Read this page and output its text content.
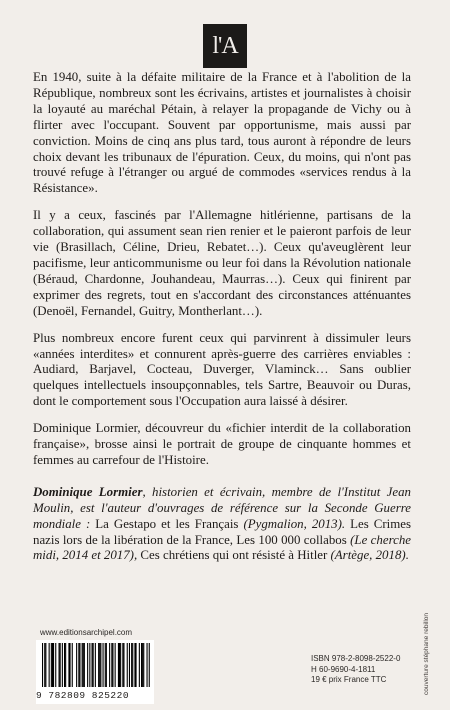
l'A

En 1940, suite à la défaite militaire de la France et à l'abolition de la République, nombreux sont les écrivains, artistes et journalistes à choisir la loyauté au maréchal Pétain, à relayer la propagande de Vichy ou à flirter avec l'occupant. Souvent par opportunisme, mais aussi par conviction. Moins de cinq ans plus tard, tous auront à répondre de leurs choix devant les tribunaux de l'épuration. Ceux, du moins, qui n'ont pas trouvé refuge à l'étranger ou argué de commodes «services rendus à la Résistance».

Il y a ceux, fascinés par l'Allemagne hitlérienne, partisans de la collaboration, qui assument sean rien renier et le paieront parfois de leur vie (Brasillach, Céline, Drieu, Rebatet…). Ceux qu'aveuglèrent leur pacifisme, leur anticommunisme ou leur foi dans la Révolution nationale (Béraud, Chardonne, Jouhandeau, Maurras…). Ceux qui finirent par exprimer des regrets, tout en s'accordant des circonstances atténuantes (Denoël, Fernandel, Guitry, Montherlant…).

Plus nombreux encore furent ceux qui parvinrent à dissimuler leurs «années interdites» et connurent après-guerre des carrières enviables : Audiard, Barjavel, Cocteau, Duverger, Vlaminck… Sans oublier quelques intellectuels insoupçonnables, tels Sartre, Beauvoir ou Duras, dont le comportement sous l'Occupation aura laissé à désirer.

Dominique Lormier, découvreur du «fichier interdit de la collaboration française», brosse ainsi le portrait de groupe de cinquante hommes et femmes au carrefour de l'Histoire.

Dominique Lormier, historien et écrivain, membre de l'Institut Jean Moulin, est l'auteur d'ouvrages de référence sur la Seconde Guerre mondiale : La Gestapo et les Français (Pygmalion, 2013). Les Crimes nazis lors de la libération de la France, Les 100 000 collabos (Le cherche midi, 2014 et 2017), Ces chrétiens qui ont résisté à Hitler (Artège, 2018).

www.editionsarchipel.com
9 782809 825220
ISBN 978-2-8098-2522-0
H 60-9690-4-1811
19 € prix France TTC	couverture stéphane rebillon
